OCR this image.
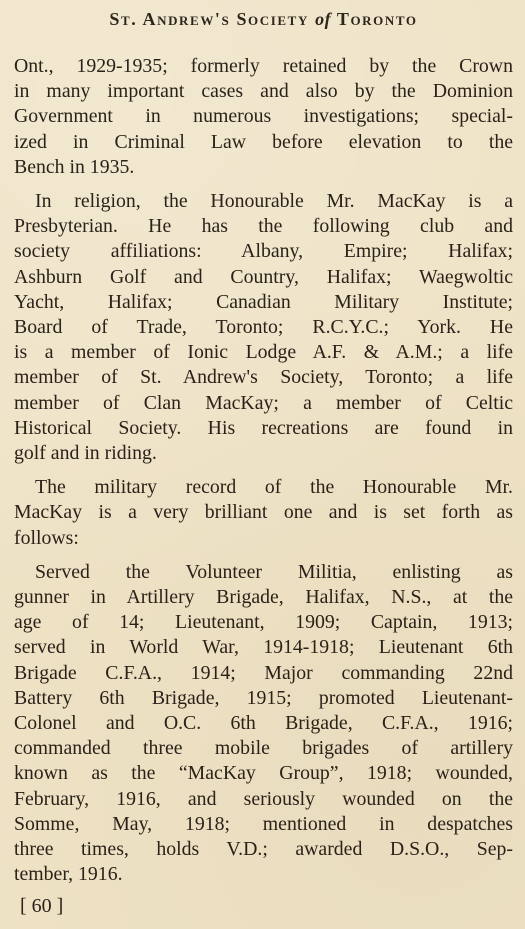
St. Andrew's Society of Toronto
Ont., 1929-1935; formerly retained by the Crown
in many important cases and also by the Dominion
Government in numerous investigations; special-
ized in Criminal Law before elevation to the
Bench in 1935.
In religion, the Honourable Mr. MacKay is a
Presbyterian. He has the following club and
society affiliations: Albany, Empire; Halifax;
Ashburn Golf and Country, Halifax; Waegwoltic
Yacht, Halifax; Canadian Military Institute;
Board of Trade, Toronto; R.C.Y.C.; York. He
is a member of Ionic Lodge A.F. & A.M.; a life
member of St. Andrew's Society, Toronto; a life
member of Clan MacKay; a member of Celtic
Historical Society. His recreations are found in
golf and in riding.
The military record of the Honourable Mr.
MacKay is a very brilliant one and is set forth as
follows:
Served the Volunteer Militia, enlisting as
gunner in Artillery Brigade, Halifax, N.S., at the
age of 14; Lieutenant, 1909; Captain, 1913;
served in World War, 1914-1918; Lieutenant 6th
Brigade C.F.A., 1914; Major commanding 22nd
Battery 6th Brigade, 1915; promoted Lieutenant-
Colonel and O.C. 6th Brigade, C.F.A., 1916;
commanded three mobile brigades of artillery
known as the “MacKay Group”, 1918; wounded,
February, 1916, and seriously wounded on the
Somme, May, 1918; mentioned in despatches
three times, holds V.D.; awarded D.S.O., Sep-
tember, 1916.
[ 60 ]
